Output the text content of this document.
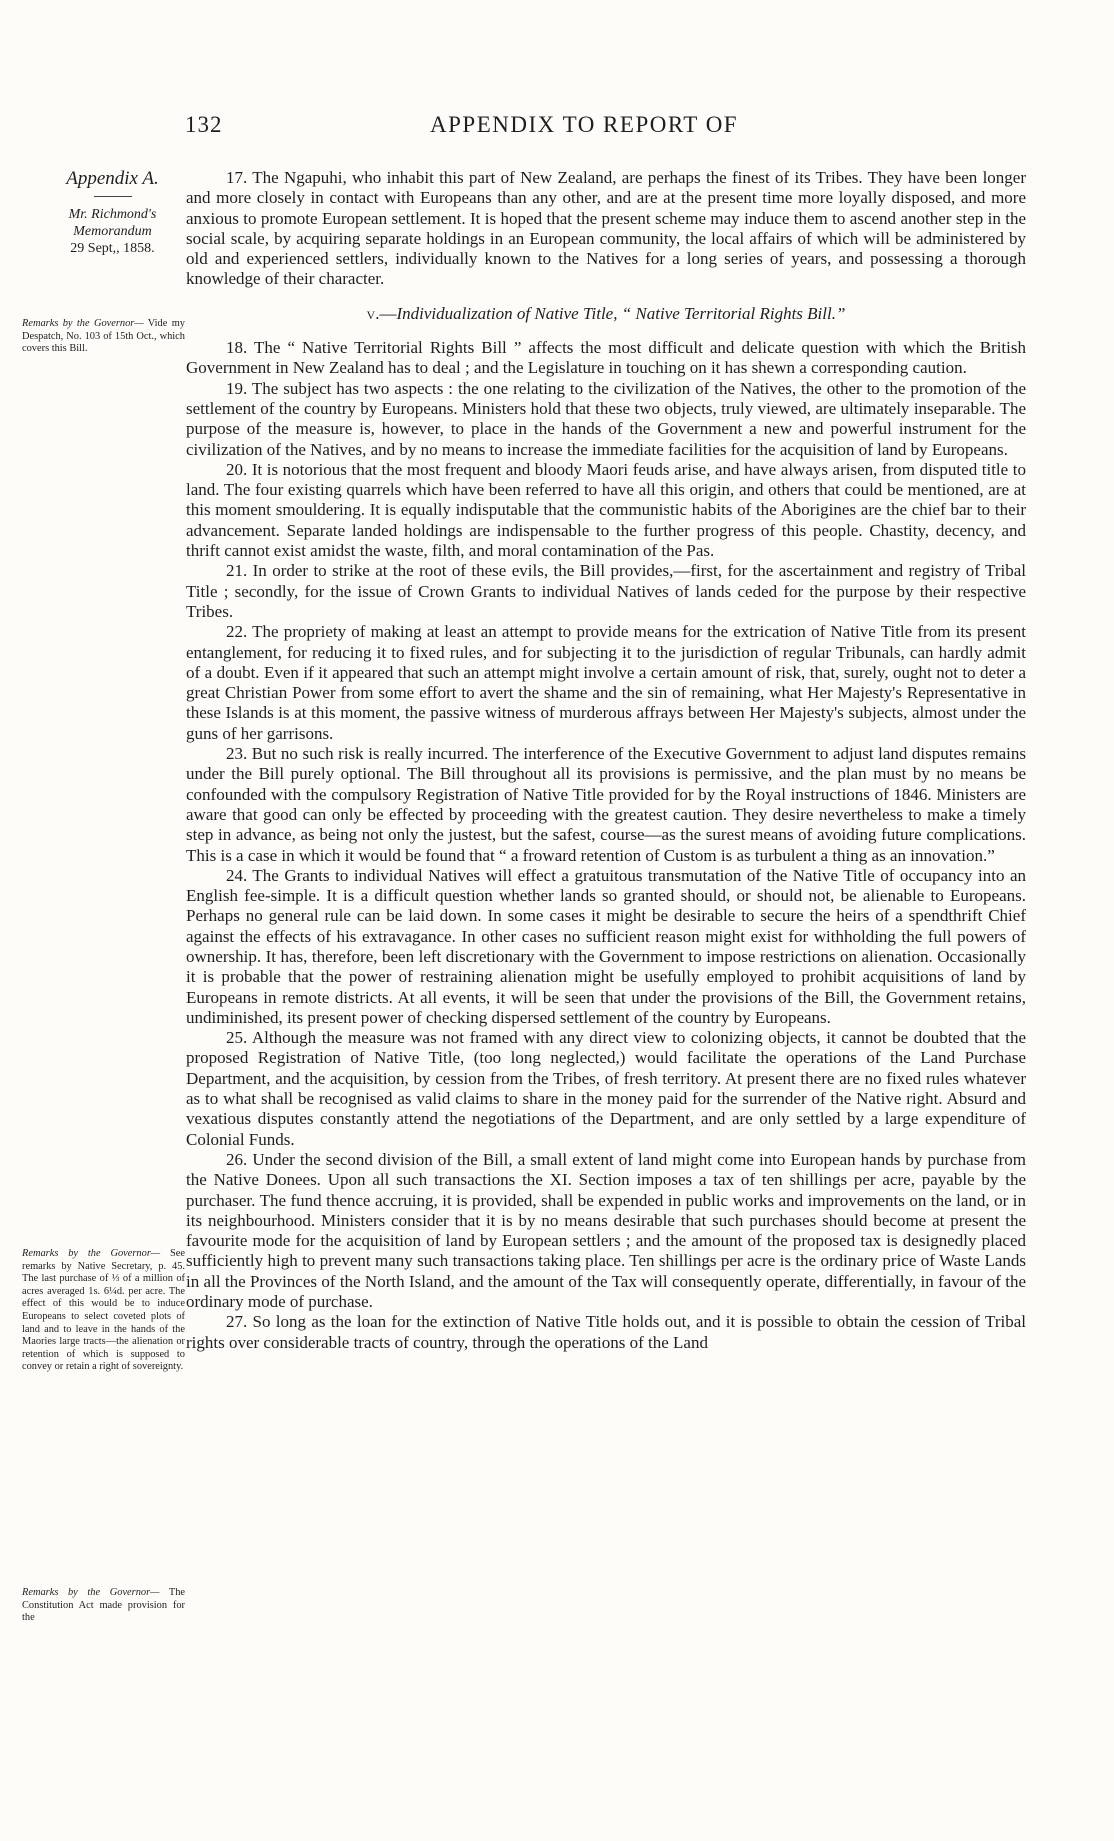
132	APPENDIX TO REPORT OF
Appendix A.
Mr. Richmond's
Memorandum
29 Sept,, 1858.
Remarks by the Governor— Vide my Despatch, No. 103 of 15th Oct., which covers this Bill.
Remarks by the Governor— See remarks by Native Secretary, p. 45. The last purchase of ⅓ of a million of acres averaged 1s. 6¼d. per acre. The effect of this would be to induce Europeans to select coveted plots of land and to leave in the hands of the Maories large tracts—the alienation or retention of which is supposed to convey or retain a right of sovereignty.
Remarks by the Governor— The Constitution Act made provision for the

17. The Ngapuhi, who inhabit this part of New Zealand, are perhaps the finest of its Tribes. They have been longer and more closely in contact with Europeans than any other, and are at the present time more loyally disposed, and more anxious to promote European settlement. It is hoped that the present scheme may induce them to ascend another step in the social scale, by acquiring separate holdings in an European community, the local affairs of which will be administered by old and experienced settlers, individually known to the Natives for a long series of years, and possessing a thorough knowledge of their character.

v.—Individualization of Native Title, “ Native Territorial Rights Bill.”

18. The “ Native Territorial Rights Bill ” affects the most difficult and delicate question with which the British Government in New Zealand has to deal ; and the Legislature in touching on it has shewn a corresponding caution.

19. The subject has two aspects : the one relating to the civilization of the Natives, the other to the promotion of the settlement of the country by Europeans. Ministers hold that these two objects, truly viewed, are ultimately inseparable. The purpose of the measure is, however, to place in the hands of the Government a new and powerful instrument for the civilization of the Natives, and by no means to increase the immediate facilities for the acquisition of land by Europeans.

20. It is notorious that the most frequent and bloody Maori feuds arise, and have always arisen, from disputed title to land. The four existing quarrels which have been referred to have all this origin, and others that could be mentioned, are at this moment smouldering. It is equally indisputable that the communistic habits of the Aborigines are the chief bar to their advancement. Separate landed holdings are indispensable to the further progress of this people. Chastity, decency, and thrift cannot exist amidst the waste, filth, and moral contamination of the Pas.

21. In order to strike at the root of these evils, the Bill provides,—first, for the ascertainment and registry of Tribal Title ; secondly, for the issue of Crown Grants to individual Natives of lands ceded for the purpose by their respective Tribes.

22. The propriety of making at least an attempt to provide means for the extrication of Native Title from its present entanglement, for reducing it to fixed rules, and for subjecting it to the jurisdiction of regular Tribunals, can hardly admit of a doubt. Even if it appeared that such an attempt might involve a certain amount of risk, that, surely, ought not to deter a great Christian Power from some effort to avert the shame and the sin of remaining, what Her Majesty's Representative in these Islands is at this moment, the passive witness of murderous affrays between Her Majesty's subjects, almost under the guns of her garrisons.

23. But no such risk is really incurred. The interference of the Executive Government to adjust land disputes remains under the Bill purely optional. The Bill throughout all its provisions is permissive, and the plan must by no means be confounded with the compulsory Registration of Native Title provided for by the Royal instructions of 1846. Ministers are aware that good can only be effected by proceeding with the greatest caution. They desire nevertheless to make a timely step in advance, as being not only the justest, but the safest, course—as the surest means of avoiding future complications. This is a case in which it would be found that “ a froward retention of Custom is as turbulent a thing as an innovation.”

24. The Grants to individual Natives will effect a gratuitous transmutation of the Native Title of occupancy into an English fee-simple. It is a difficult question whether lands so granted should, or should not, be alienable to Europeans. Perhaps no general rule can be laid down. In some cases it might be desirable to secure the heirs of a spendthrift Chief against the effects of his extravagance. In other cases no sufficient reason might exist for withholding the full powers of ownership. It has, therefore, been left discretionary with the Government to impose restrictions on alienation. Occasionally it is probable that the power of restraining alienation might be usefully employed to prohibit acquisitions of land by Europeans in remote districts. At all events, it will be seen that under the provisions of the Bill, the Government retains, undiminished, its present power of checking dispersed settlement of the country by Europeans.

25. Although the measure was not framed with any direct view to colonizing objects, it cannot be doubted that the proposed Registration of Native Title, (too long neglected,) would facilitate the operations of the Land Purchase Department, and the acquisition, by cession from the Tribes, of fresh territory. At present there are no fixed rules whatever as to what shall be recognised as valid claims to share in the money paid for the surrender of the Native right. Absurd and vexatious disputes constantly attend the negotiations of the Department, and are only settled by a large expenditure of Colonial Funds.

26. Under the second division of the Bill, a small extent of land might come into European hands by purchase from the Native Donees. Upon all such transactions the XI. Section imposes a tax of ten shillings per acre, payable by the purchaser. The fund thence accruing, it is provided, shall be expended in public works and improvements on the land, or in its neighbourhood. Ministers consider that it is by no means desirable that such purchases should become at present the favourite mode for the acquisition of land by European settlers ; and the amount of the proposed tax is designedly placed sufficiently high to prevent many such transactions taking place. Ten shillings per acre is the ordinary price of Waste Lands in all the Provinces of the North Island, and the amount of the Tax will consequently operate, differentially, in favour of the ordinary mode of purchase.

27. So long as the loan for the extinction of Native Title holds out, and it is possible to obtain the cession of Tribal rights over considerable tracts of country, through the operations of the Land
